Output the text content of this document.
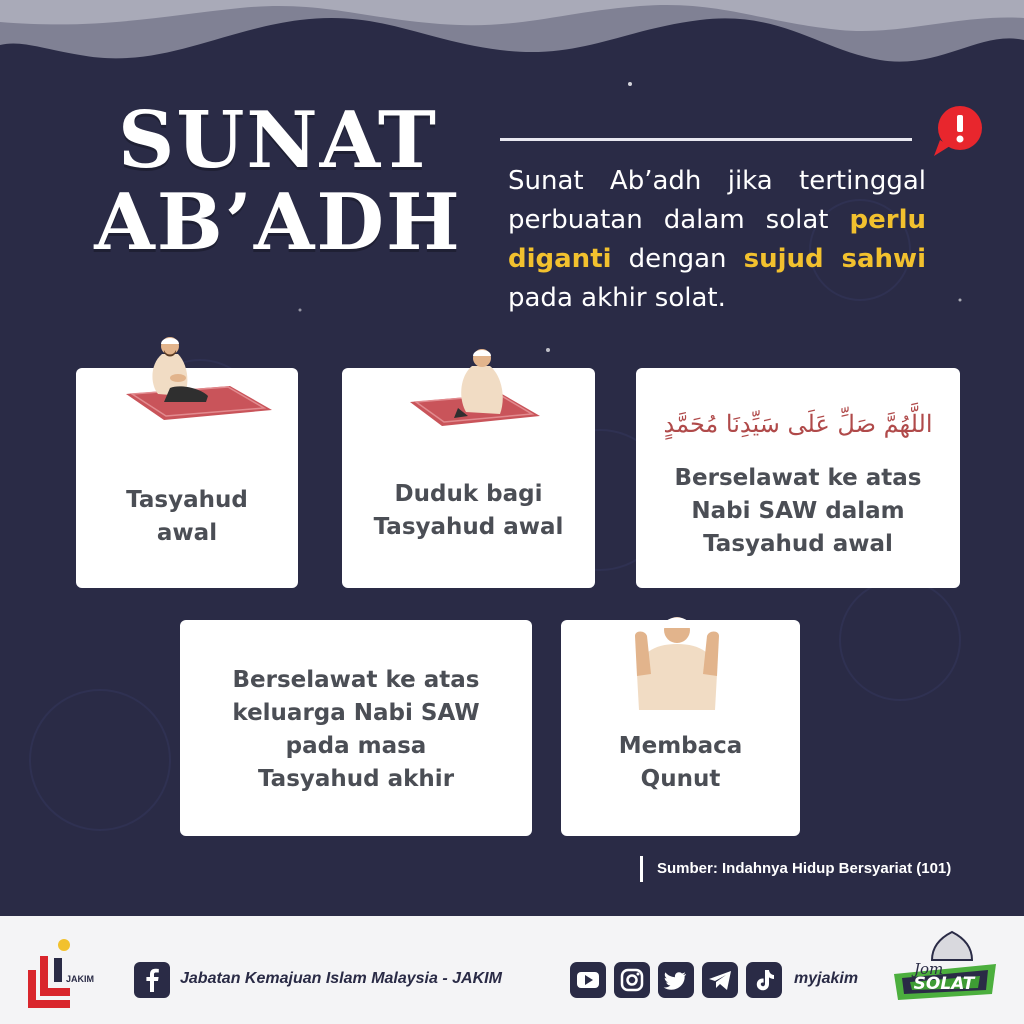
SUNAT
AB’ADH	Sunat Ab’adh jika tertinggal perbuatan dalam solat perlu diganti dengan sujud sahwi pada akhir solat.
Tasyahud
awal
Duduk bagi
Tasyahud awal
اللَّهُمَّ صَلِّ عَلَى سَيِّدِنَا مُحَمَّدٍ
Berselawat ke atas
Nabi SAW dalam
Tasyahud awal
Berselawat ke atas
keluarga Nabi SAW
pada masa
Tasyahud akhir
Membaca
Qunut
Sumber: Indahnya Hidup Bersyariat (101)
JAKIM	Jabatan Kemajuan Islam Malaysia - JAKIM	myjakim
Jom
SOLAT
